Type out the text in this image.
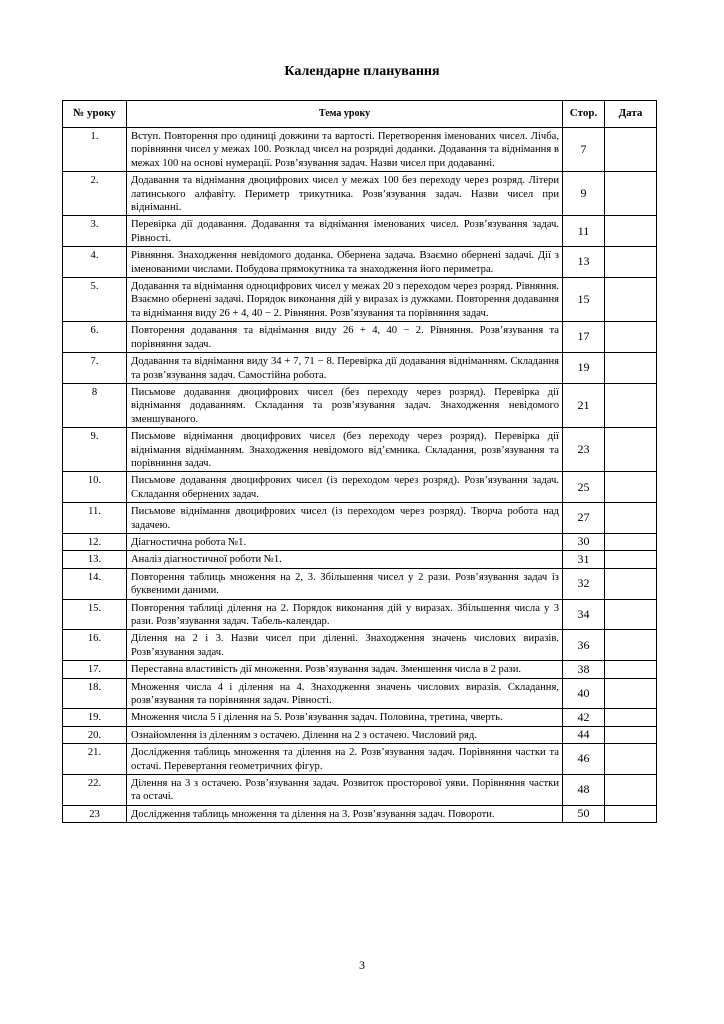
Календарне планування
№ уроку	Тема уроку	Стор.	Дата
1.	Вступ. Повторення про одиниці довжини та вартості. Перетворення іменованих чисел. Лічба, порівняння чисел у межах 100. Розклад чисел на розрядні доданки. Додавання та віднімання в межах 100 на основі нумерації. Розв’язування задач. Назви чисел при додаванні.	7	
2.	Додавання та віднімання двоцифрових чисел у межах 100 без переходу через розряд. Літери латинського алфавіту. Периметр трикутника. Розв’язування задач. Назви чисел при відніманні.	9	
3.	Перевірка дії додавання. Додавання та віднімання іменованих чисел. Розв’язування задач. Рівності.	11	
4.	Рівняння. Знаходження невідомого доданка. Обернена задача. Взаємно обернені задачі. Дії з іменованими числами. Побудова прямокутника та знаходження його периметра.	13	
5.	Додавання та віднімання одноцифрових чисел у межах 20 з переходом через розряд. Рівняння. Взаємно обернені задачі. Порядок виконання дій у виразах із дужками. Повторення додавання та віднімання виду 26 + 4, 40 − 2. Рівняння. Розв’язування та порівняння задач.	15	
6.	Повторення додавання та віднімання виду 26 + 4, 40 − 2. Рівняння. Розв’язування та порівняння задач.	17	
7.	Додавання та віднімання виду 34 + 7, 71 − 8. Перевірка дії додавання відніманням. Складання та розв’язування задач. Самостійна робота.	19	
8	Письмове додавання двоцифрових чисел (без переходу через розряд). Перевірка дії віднімання додаванням. Складання та розв’язування задач. Знаходження невідомого зменшуваного.	21	
9.	Письмове віднімання двоцифрових чисел (без переходу через розряд). Перевірка дії віднімання відніманням. Знаходження невідомого від’ємника. Складання, розв’язування та порівняння задач.	23	
10.	Письмове додавання двоцифрових чисел (із переходом через розряд). Розв’язування задач. Складання обернених задач.	25	
11.	Письмове віднімання двоцифрових чисел (із переходом через розряд). Творча робота над задачею.	27	
12.	Діагностична робота №1.	30	
13.	Аналіз діагностичної роботи №1.	31	
14.	Повторення таблиць множення на 2, 3. Збільшення чисел у 2 рази. Розв’язування задач із буквеними даними.	32	
15.	Повторення таблиці ділення на 2. Порядок виконання дій у виразах. Збільшення числа у 3 рази. Розв’язування задач. Табель-календар.	34	
16.	Ділення на 2 і 3. Назви чисел при діленні. Знаходження значень числових виразів. Розв’язування задач.	36	
17.	Переставна властивість дії множення. Розв’язування задач. Зменшення числа в 2 рази.	38	
18.	Множення числа 4 і ділення на 4. Знаходження значень числових виразів. Складання, розв’язування та порівняння задач. Рівності.	40	
19.	Множення числа 5 і ділення на 5. Розв’язування задач. Половина, третина, чверть.	42	
20.	Ознайомлення із діленням з остачею. Ділення на 2 з остачею. Числовий ряд.	44	
21.	Дослідження таблиць множення та ділення на 2. Розв’язування задач. Порівняння частки та остачі. Перевертання геометричних фігур.	46	
22.	Ділення на 3 з остачею. Розв’язування задач. Розвиток просторової уяви. Порівняння частки та остачі.	48	
23	Дослідження таблиць множення та ділення на 3. Розв’язування задач. Повороти.	50	
3
